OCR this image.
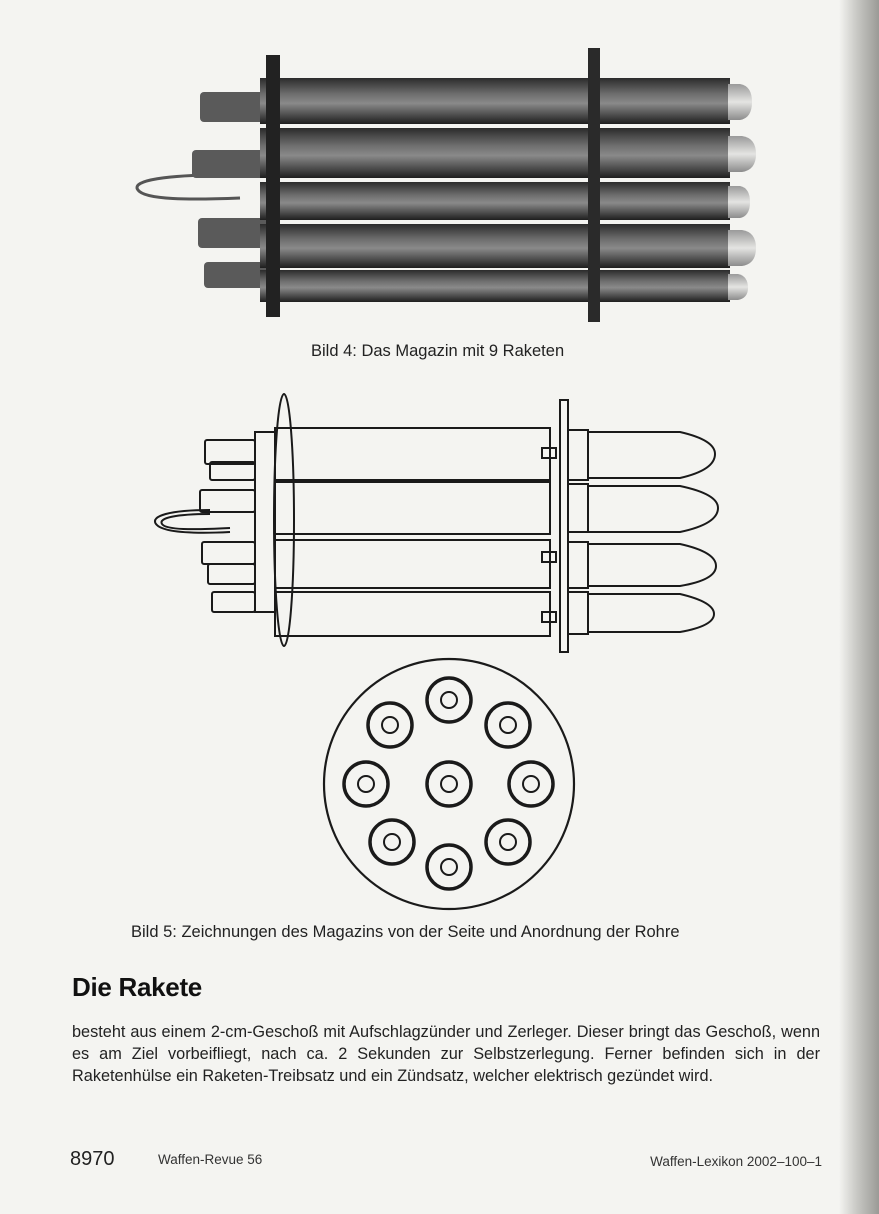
Bild 4: Das Magazin mit 9 Raketen
Bild 5: Zeichnungen des Magazins von der Seite und Anordnung der Rohre
Die Rakete

besteht aus einem 2-cm-Geschoß mit Aufschlagzünder und Zerleger. Dieser bringt das Geschoß, wenn es am Ziel vorbeifliegt, nach ca. 2 Sekunden zur Selbstzerlegung. Ferner befinden sich in der Raketenhülse ein Raketen-Treibsatz und ein Zündsatz, welcher elektrisch gezündet wird.

8970	Waffen-Revue 56	Waffen-Lexikon 2002–100–1
